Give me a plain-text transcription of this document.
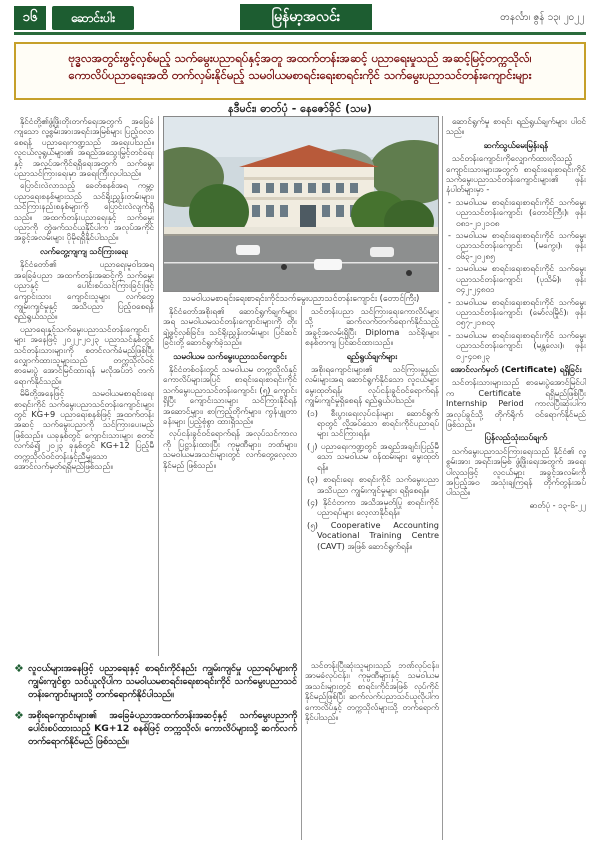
၁၆	ဆောင်းပါး	မြန်မာ့အလင်း	တနင်္လာ၊ ဇွန် ၁၃၊ ၂၀၂၂
ဗုဒ္ဓလအတွင်းဖွင့်လှစ်မည့် သက်မွေးပညာရပ်နှင့်အတူ အထက်တန်းအဆင့် ပညာရေးမှုသည် အဆင့်မြင့်တက္ကသိုလ်၊
ကောလိပ်ပညာရေးအထိ တက်လှမ်းနိုင်မည့် သမဝါယမစာရင်းရေးစာရင်းကိုင် သက်မွေးပညာသင်တန်းကျောင်းများ
နဒီမင်း၊ ဓာတ်ပုံ - နေဇော်ခိုင် (သမ)
သမဝါယမစာရင်းရေးစာရင်းကိုင်သက်မွေးပညာသင်တန်းကျောင်း (တောင်ကြီး)

နိုင်ငံတို့၏ဖွံ့ဖြိုးတိုးတက်ရေးအတွက် အခြေခံကျသော လူ့စွမ်းအားအရင်းအမြစ်များ ပြည့်ဝလာစေရန် ပညာရေးကဏ္ဍသည် အရေးပါသည်။ လူငယ်လူရွယ်များ၏ အရည်အသွေးမြှင့်တင်ရေး နှင့် အလုပ်အကိုင်ရရှိရေးအတွက် သက်မွေးပညာသင်ကြားရေးမှာ အရေးကြီးလှပါသည်။

ပြောင်းလဲလာသည့် ခေတ်စနစ်အရ ကမ္ဘာ့ ပညာရေးစနစ်များသည် သင်ရိုးညွှန်းတမ်းများ၊ သင်ကြားနည်းစနစ်များကို ပြောင်းလဲလျက်ရှိသည်။ အထက်တန်းပညာရေးနှင့် သက်မွေးပညာကို တွဲဖက်သင်ယူနိုင်ပါက အလုပ်အကိုင် အခွင့်အလမ်းများ ပိုမိုရရှိနိုင်ပါသည်။

လက်တွေ့ကျကျ သင်ကြားရေး

နိုင်ငံတော်၏ ပညာရေးမူဝါဒအရ အခြေခံပညာ အထက်တန်းအဆင့်ကို သက်မွေးပညာနှင့် ပေါင်းစပ်သင်ကြားခြင်းဖြင့် ကျောင်းသား ကျောင်းသူများ လက်တွေ့ကျွမ်းကျင်မှုနှင့် အသိပညာ ပြည့်ဝစေရန် ရည်ရွယ်သည်။

ပညာရေးနှင့်သက်မွေးပညာသင်တန်းကျောင်းများ အနေဖြင့် ၂၀၂၂-၂၀၂၃ ပညာသင်နှစ်တွင် သင်တန်းသားများကို စတင်လက်ခံမည်ဖြစ်ပြီး လျှောက်ထားသူများသည် တက္ကသိုလ်ဝင်စာမေးပွဲ အောင်မြင်ထားရန် မလိုအပ်ဘဲ တက်ရောက်နိုင်သည်။

မိမိတို့အနေဖြင့် သမဝါယမစာရင်းရေးစာရင်းကိုင် သက်မွေးပညာသင်တန်းကျောင်းများတွင် KG+9 ပညာရေးစနစ်ဖြင့် အထက်တန်းအဆင့် သက်မွေးပညာကို သင်ကြားပေးမည်ဖြစ်သည်။ ယခုနှစ်တွင် ကျောင်းသားများ စတင်လက်ခံ၍ ၂၀၂၃ ခုနှစ်တွင် KG+12 ပြည့်မီ တက္ကသိုလ်ဝင်တန်းနှင့်ညီမျှသော အောင်လက်မှတ်ရရှိမည်ဖြစ်သည်။

နိုင်ငံတော်အစိုးရ၏ ဆောင်ရွက်ချက်များအရ သမဝါယမသင်တန်းကျောင်းများကို တိုးချဲ့ဖွင့်လှစ်ခြင်း၊ သင်ရိုးညွှန်းတမ်းများ ပြင်ဆင်ခြင်းတို့ ဆောင်ရွက်ခဲ့သည်။

သမဝါယမ သက်မွေးပညာသင်ကျောင်း

နိုင်ငံတစ်ဝန်းတွင် သမဝါယမ တက္ကသိုလ်နှင့် ကောလိပ်များအပြင် စာရင်းရေးစာရင်းကိုင် သက်မွေးပညာသင်တန်းကျောင်း (၅) ကျောင်းရှိပြီး ကျောင်းသားများ သင်ကြားနိုင်ရန် အဆောင်များ၊ စာကြည့်တိုက်များ၊ ကွန်ပျူတာခန်းများ ပြည့်စုံစွာ ထားရှိသည်။

လုပ်ငန်းခွင်ဝင်ရောက်ရန် အလုပ်သင်ကာလကို ပြဋ္ဌာန်းထားပြီး ကုမ္ပဏီများ၊ ဘဏ်များ၊ သမဝါယမအသင်းများတွင် လက်တွေ့လေ့လာနိုင်မည် ဖြစ်သည်။

သင်တန်းပညာ သင်ကြားရေးကောလိပ်များသို့ ဆက်လက်တက်ရောက်နိုင်သည့် အခွင့်အလမ်းရှိပြီး Diploma သင်ရိုးများ စနစ်တကျ ပြင်ဆင်ထားသည်။

ရည်ရွယ်ချက်များ

အစိုးရကျောင်းများ၏ သင်ကြားမှုနည်းလမ်းများအရ ဆောင်ရွက်နိုင်သော လူငယ်များ မွေးထုတ်ရန်၊ လုပ်ငန်းခွင်ဝင်ရောက်ရန် ကျွမ်းကျင်မှုရှိစေရန် ရည်ရွယ်ပါသည်။

(၁) စီးပွားရေးလုပ်ငန်းများ ဆောင်ရွက်ရာတွင် လိုအပ်သော စာရင်းကိုင်ပညာရပ်များ သင်ကြားရန်။

(၂) ပညာရေးကဏ္ဍတွင် အရည်အချင်းပြည့်မီသော သမဝါယမ ဝန်ထမ်းများ မွေးထုတ်ရန်။

(၃) စာရင်းရေး စာရင်းကိုင် သက်မွေးပညာ အသိပညာ ကျွမ်းကျင်မှုများ ရရှိစေရန်။

(၄) နိုင်ငံတကာ အသိအမှတ်ပြု စာရင်းကိုင်ပညာရပ်များ လေ့လာနိုင်ရန်။

(၅) Cooperative Accounting Vocational Training Centre (CAVT) အဖြစ် ဆောင်ရွက်ရန်။

သင်တန်းပြီးဆုံးသူများသည် ဘဏ်လုပ်ငန်း၊ အာမခံလုပ်ငန်း၊ ကုမ္ပဏီများနှင့် သမဝါယမအသင်းများတွင် စာရင်းကိုင်အဖြစ် လုပ်ကိုင်နိုင်မည်ဖြစ်ပြီး ဆက်လက်ပညာသင်ယူလိုပါက ကောလိပ်နှင့် တက္ကသိုလ်များသို့ တက်ရောက်နိုင်ပါသည်။

ဆောင်ရွက်မှု စာရင်း ရည်ရွယ်ချက်များ ပါဝင်သည်။

ဆက်သွယ်မေးမြန်းရန်

သင်တန်းကျောင်းကိုလျှောက်ထားလိုသည့် ကျောင်းသားများအတွက် စာရင်းရေးစာရင်းကိုင် သက်မွေးပညာသင်တန်းကျောင်းများ၏ ဖုန်းနံပါတ်များမှာ -

- သမဝါယမ စာရင်းရေးစာရင်းကိုင် သက်မွေးပညာသင်တန်းကျောင်း (တောင်ကြီး)၊ ဖုန်း ၀၈၁-၂၁၂၁၀၈

- သမဝါယမ စာရင်းရေးစာရင်းကိုင် သက်မွေးပညာသင်တန်းကျောင်း (မကွေး)၊ ဖုန်း ၀၆၃-၂၀၂၈၅

- သမဝါယမ စာရင်းရေးစာရင်းကိုင် သက်မွေးပညာသင်တန်းကျောင်း (ပုသိမ်)၊ ဖုန်း ၀၄၂-၂၄၈၀၁

- သမဝါယမ စာရင်းရေးစာရင်းကိုင် သက်မွေးပညာသင်တန်းကျောင်း (မော်လမြိုင်)၊ ဖုန်း ၀၅၇-၂၁၈၀၃

- သမဝါယမ စာရင်းရေးစာရင်းကိုင် သက်မွေးပညာသင်တန်းကျောင်း (မန္တလေး)၊ ဖုန်း ၀၂-၄၀၈၂၃

အောင်လက်မှတ် (Certificate) ရရှိခြင်း

သင်တန်းသားများသည် စာမေးပွဲအောင်မြင်ပါက Certificate ရရှိမည်ဖြစ်ပြီး Internship Period ကာလပြီးဆုံးပါက အလုပ်ခွင်သို့ တိုက်ရိုက် ဝင်ရောက်နိုင်မည် ဖြစ်သည်။

ပြန်လည်သုံးသပ်ချက်

သက်မွေးပညာသင်ကြားရေးသည် နိုင်ငံ၏ လူ့စွမ်းအား အရင်းအမြစ် ဖွံ့ဖြိုးရေးအတွက် အရေးပါလှသဖြင့် လူငယ်များ အခွင့်အလမ်းကို အပြည့်အဝ အသုံးချကြရန် တိုက်တွန်းအပ်ပါသည်။

ဓာတ်ပုံ - ၁၃-၆-၂၂

❖ လူငယ်များအနေဖြင့် ပညာရေးနှင့် စာရင်းကိုင်နည်း ကျွမ်းကျင်မှု ပညာရပ်များကို ကျွမ်းကျင်စွာ သင်ယူလိုပါက သမဝါယမစာရင်းရေးစာရင်းကိုင် သက်မွေးပညာသင်တန်းကျောင်းများသို့ တက်ရောက်နိုင်ပါသည်။
❖ အစိုးရကျောင်းများ၏ အခြေခံပညာအထက်တန်းအဆင့်နှင့် သက်မွေးပညာကို ပေါင်းစပ်ထားသည့် KG+12 စနစ်ဖြင့် တက္ကသိုလ်၊ ကောလိပ်များသို့ ဆက်လက် တက်ရောက်နိုင်မည် ဖြစ်သည်။
